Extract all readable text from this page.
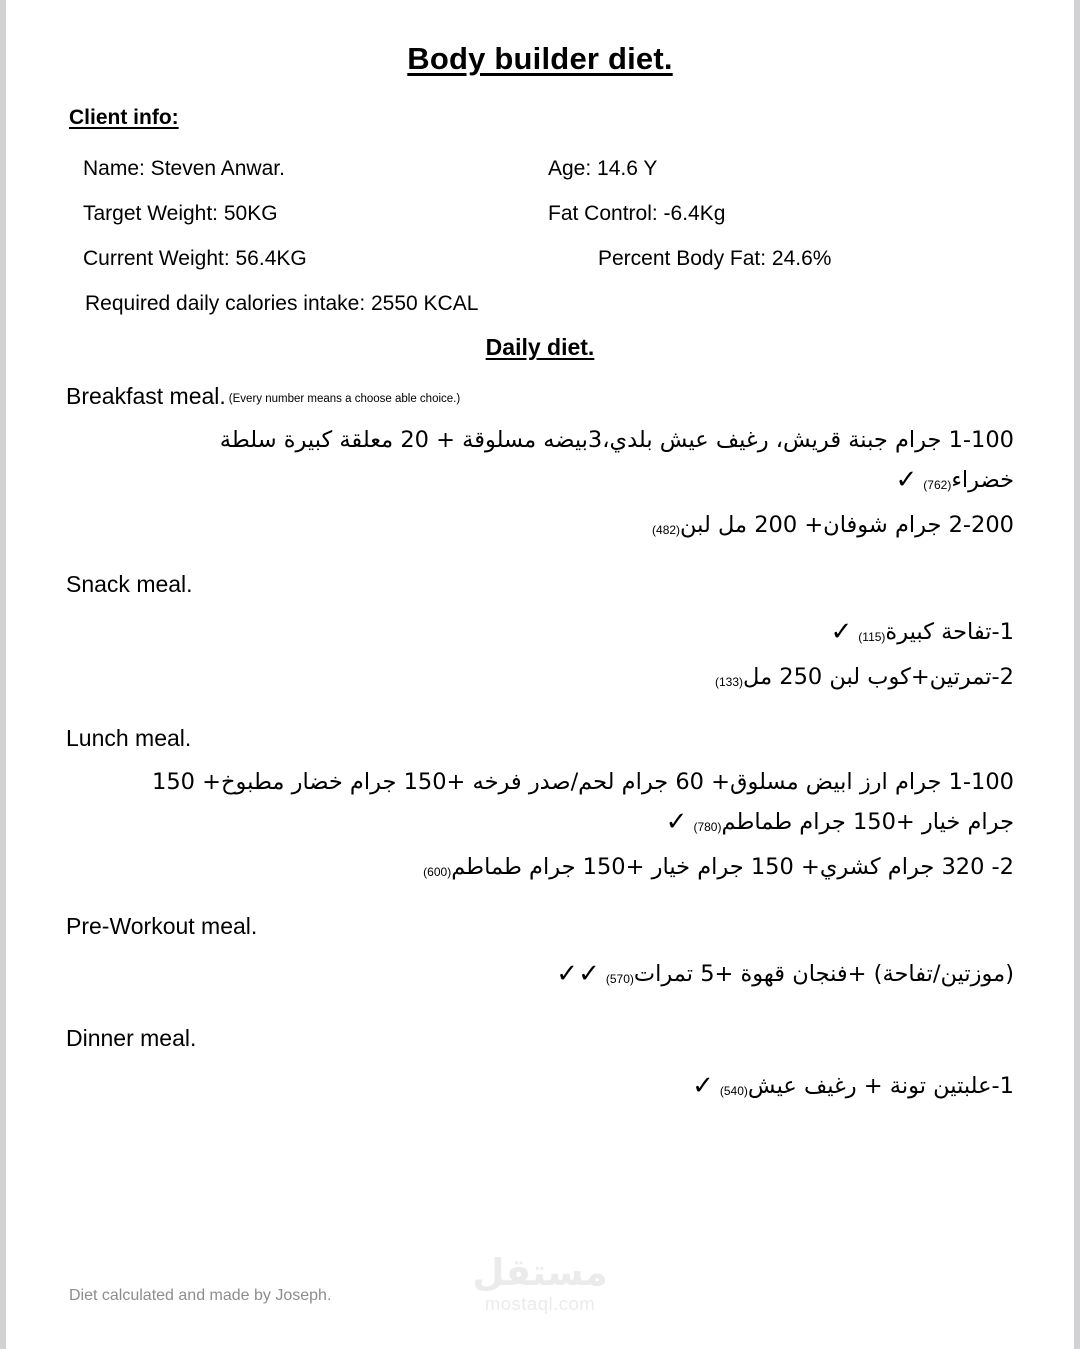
Body builder diet.
Client info:
Name: Steven Anwar.	Age: 14.6 Y
Target Weight: 50KG	Fat Control: -6.4Kg
Current Weight: 56.4KG	Percent Body Fat: 24.6%
Required daily calories intake: 2550 KCAL
Daily diet.
Breakfast meal. (Every number means a choose able choice.)
1-100 جرام جبنة قريش، رغيف عيش بلدي،3بيضه مسلوقة + 20 معلقة كبيرة سلطة خضراء(762)✓
2-200 جرام شوفان+ 200 مل لبن(482)
Snack meal.
1-تفاحة كبيرة(115)✓
2-تمرتين+كوب لبن 250 مل(133)
Lunch meal.
1-100 جرام ارز ابيض مسلوق+ 60 جرام لحم/صدر فرخه +150 جرام خضار مطبوخ+ 150 جرام خيار +150 جرام طماطم(780)✓
2- 320 جرام كشري+ 150 جرام خيار +150 جرام طماطم(600)
Pre-Workout meal.
(موزتين/تفاحة) +فنجان قهوة +5 تمرات(570)✓✓
Dinner meal.
1-علبتين تونة + رغيف عيش(540)✓
Diet calculated and made by Joseph.
مستقل
mostaql.com
